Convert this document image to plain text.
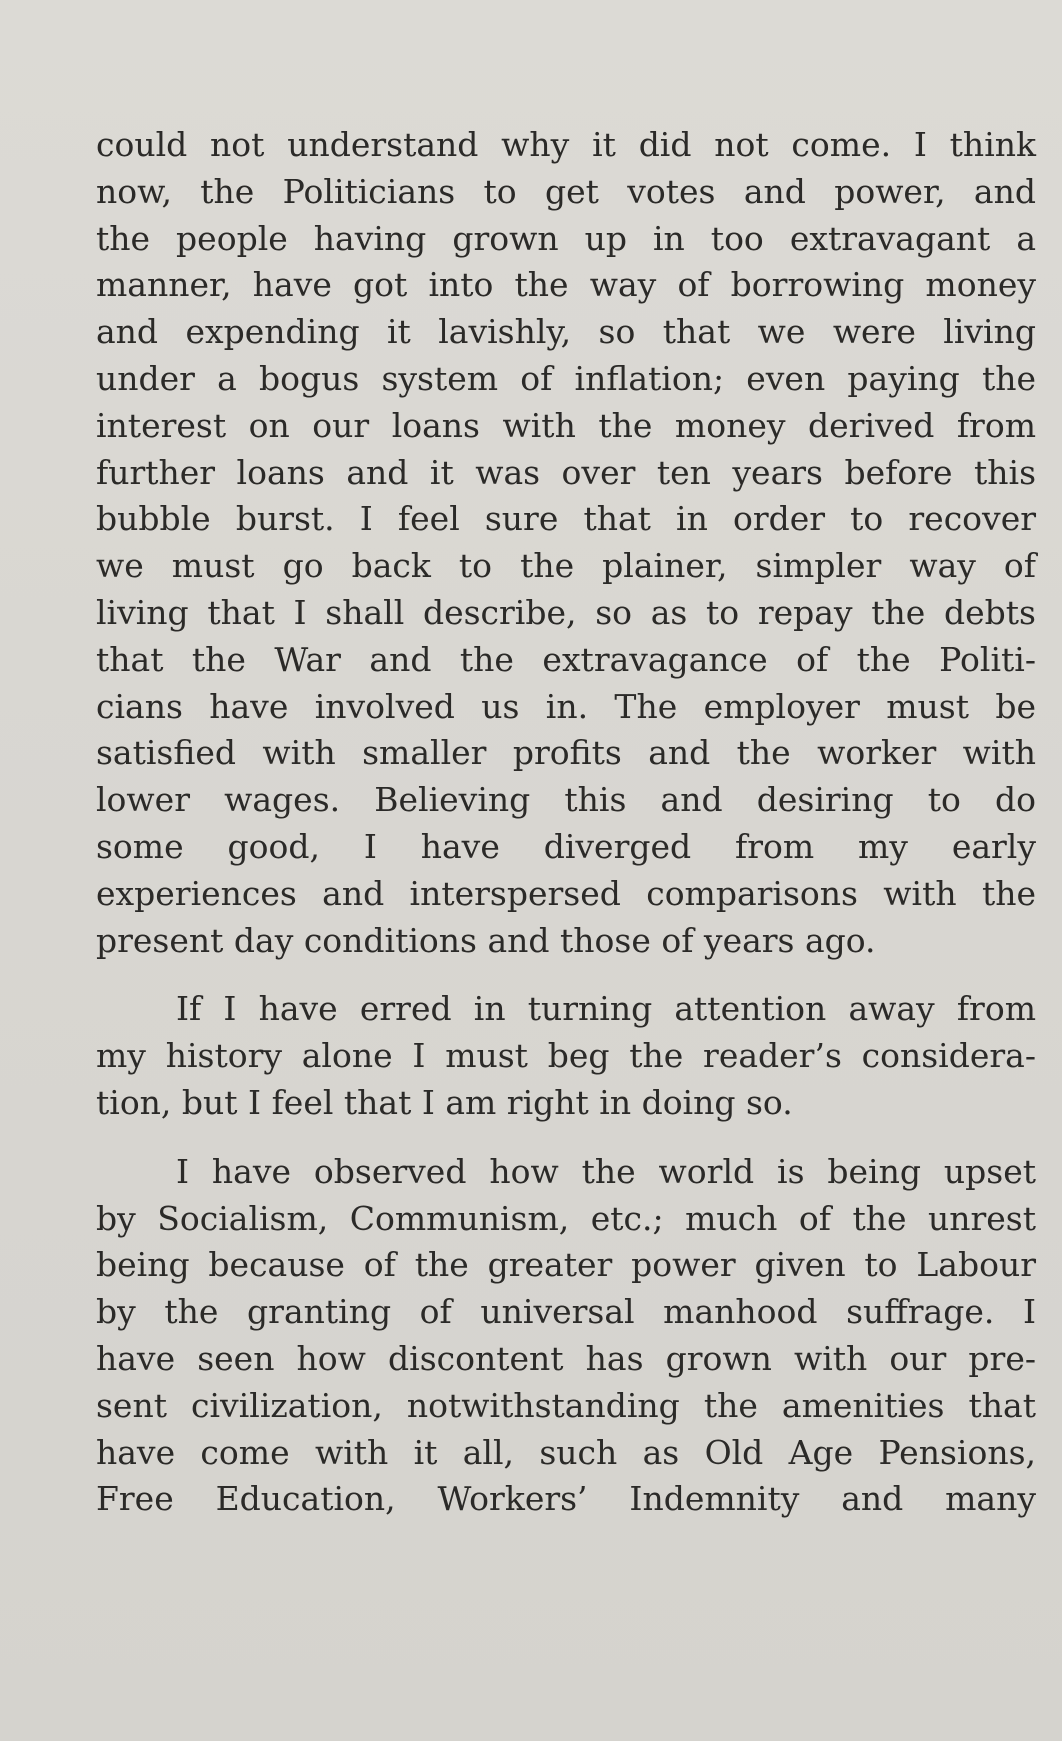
could not understand why it did not come. I think
now, the Politicians to get votes and power, and
the people having grown up in too extravagant a
manner, have got into the way of borrowing money
and expending it lavishly, so that we were living
under a bogus system of inflation; even paying the
interest on our loans with the money derived from
further loans and it was over ten years before this
bubble burst. I feel sure that in order to recover
we must go back to the plainer, simpler way of
living that I shall describe, so as to repay the debts
that the War and the extravagance of the Politi-
cians have involved us in. The employer must be
satisfied with smaller profits and the worker with
lower wages. Believing this and desiring to do
some good, I have diverged from my early
experiences and interspersed comparisons with the
present day conditions and those of years ago.

If I have erred in turning attention away from
my history alone I must beg the reader’s considera-
tion, but I feel that I am right in doing so.

I have observed how the world is being upset
by Socialism, Communism, etc.; much of the unrest
being because of the greater power given to Labour
by the granting of universal manhood suffrage. I
have seen how discontent has grown with our pre-
sent civilization, notwithstanding the amenities that
have come with it all, such as Old Age Pensions,
Free Education, Workers’ Indemnity and many
